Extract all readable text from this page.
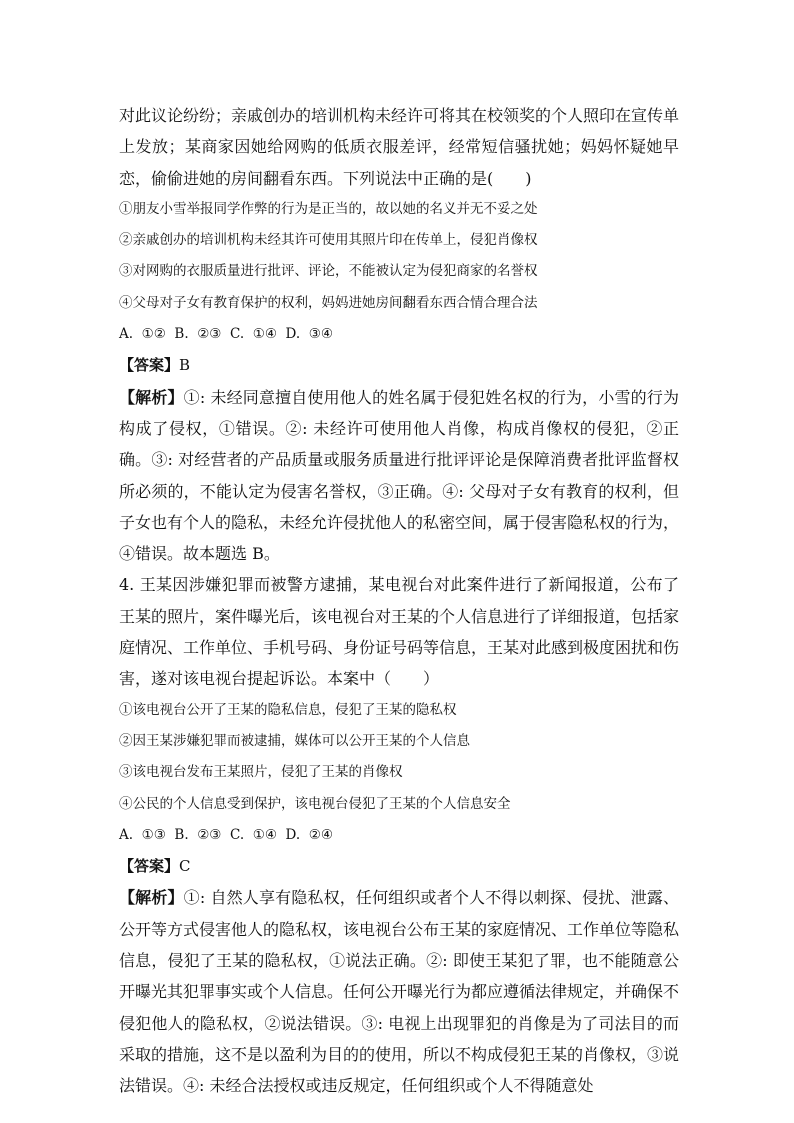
对此议论纷纷；亲戚创办的培训机构未经许可将其在校领奖的个人照印在宣传单上发放；某商家因她给网购的低质衣服差评，经常短信骚扰她；妈妈怀疑她早恋，偷偷进她的房间翻看东西。下列说法中正确的是(　　)

①朋友小雪举报同学作弊的行为是正当的，故以她的名义并无不妥之处

②亲戚创办的培训机构未经其许可使用其照片印在传单上，侵犯肖像权

③对网购的衣服质量进行批评、评论，不能被认定为侵犯商家的名誉权

④父母对子女有教育保护的权利，妈妈进她房间翻看东西合情合理合法

A.  ①②  B.  ②③  C.  ①④  D.  ③④

【答案】B

【解析】①: 未经同意擅自使用他人的姓名属于侵犯姓名权的行为，小雪的行为构成了侵权，①错误。②: 未经许可使用他人肖像，构成肖像权的侵犯，②正确。③: 对经营者的产品质量或服务质量进行批评评论是保障消费者批评监督权所必须的，不能认定为侵害名誉权，③正确。④: 父母对子女有教育的权利，但子女也有个人的隐私，未经允许侵扰他人的私密空间，属于侵害隐私权的行为，④错误。故本题选 B。

4. 王某因涉嫌犯罪而被警方逮捕，某电视台对此案件进行了新闻报道，公布了王某的照片，案件曝光后，该电视台对王某的个人信息进行了详细报道，包括家庭情况、工作单位、手机号码、身份证号码等信息，王某对此感到极度困扰和伤害，遂对该电视台提起诉讼。本案中（　　）

①该电视台公开了王某的隐私信息，侵犯了王某的隐私权

②因王某涉嫌犯罪而被逮捕，媒体可以公开王某的个人信息

③该电视台发布王某照片，侵犯了王某的肖像权

④公民的个人信息受到保护，该电视台侵犯了王某的个人信息安全

A.  ①③  B.  ②③  C.  ①④  D.  ②④

【答案】C

【解析】①: 自然人享有隐私权，任何组织或者个人不得以刺探、侵扰、泄露、公开等方式侵害他人的隐私权，该电视台公布王某的家庭情况、工作单位等隐私信息，侵犯了王某的隐私权，①说法正确。②: 即使王某犯了罪，也不能随意公开曝光其犯罪事实或个人信息。任何公开曝光行为都应遵循法律规定，并确保不侵犯他人的隐私权，②说法错误。③: 电视上出现罪犯的肖像是为了司法目的而采取的措施，这不是以盈利为目的的使用，所以不构成侵犯王某的肖像权，③说法错误。④: 未经合法授权或违反规定，任何组织或个人不得随意处
